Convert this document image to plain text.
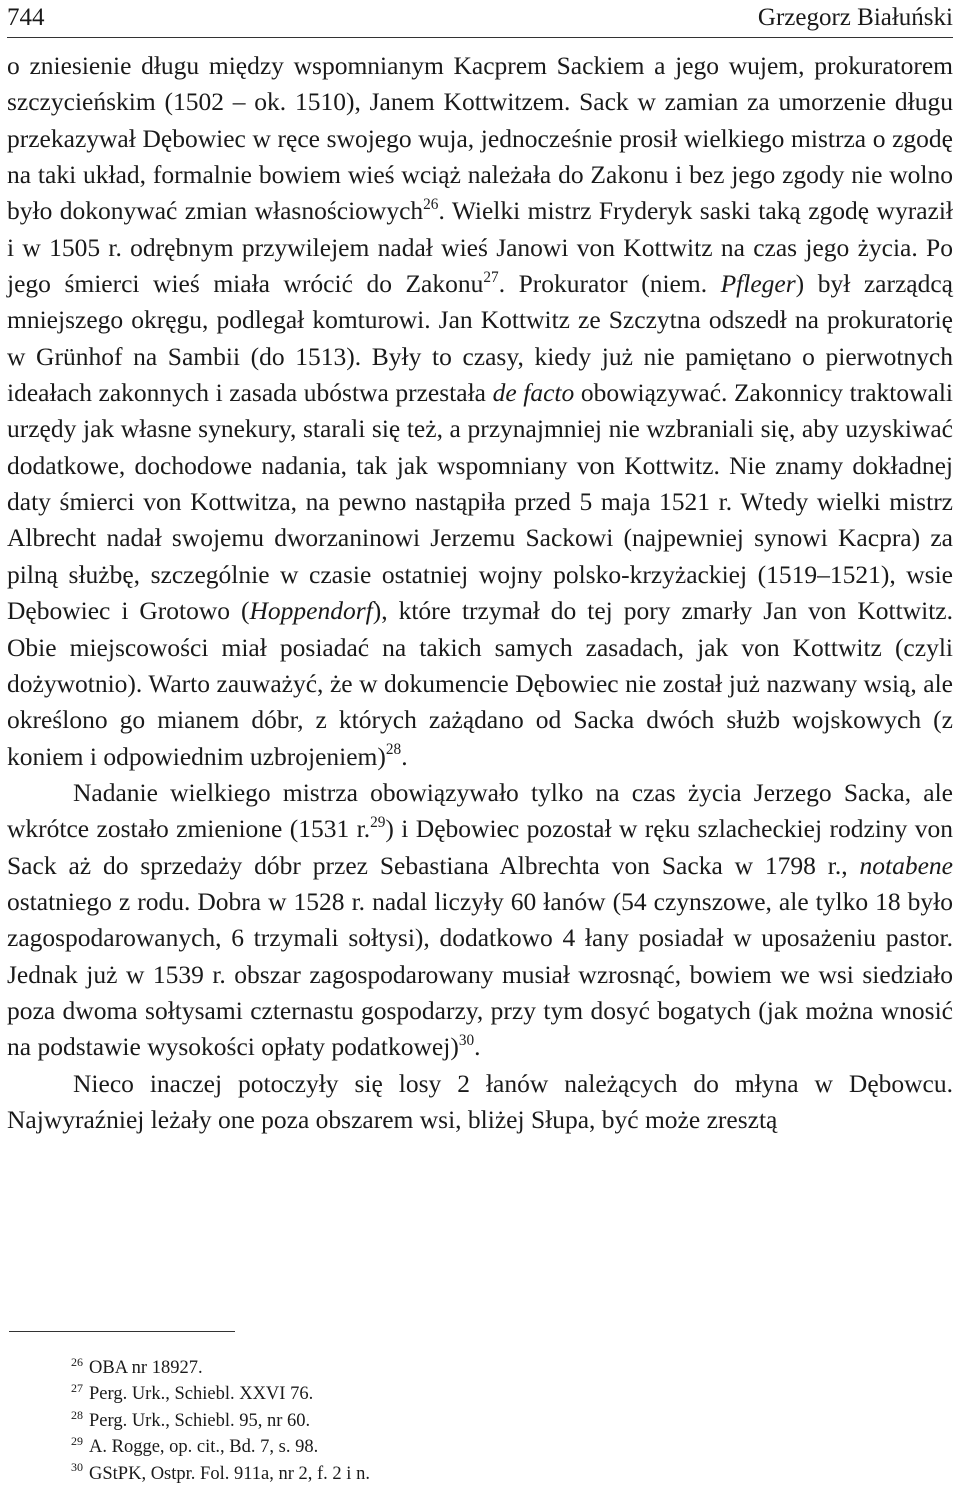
744	Grzegorz Białuński

o zniesienie długu między wspomnianym Kacprem Sackiem a jego wujem, prokuratorem szczycieńskim (1502 – ok. 1510), Janem Kottwitzem. Sack w zamian za umorzenie długu przekazywał Dębowiec w ręce swojego wuja, jednocześnie prosił wielkiego mistrza o zgodę na taki układ, formalnie bowiem wieś wciąż należała do Zakonu i bez jego zgody nie wolno było dokonywać zmian własnościowych$^{26}$. Wielki mistrz Fryderyk saski taką zgodę wyraził i w 1505 r. odrębnym przywilejem nadał wieś Janowi von Kottwitz na czas jego życia. Po jego śmierci wieś miała wrócić do Zakonu$^{27}$. Prokurator (niem. Pfleger) był zarządcą mniejszego okręgu, podlegał komturowi. Jan Kottwitz ze Szczytna odszedł na prokuratorię w Grünhof na Sambii (do 1513). Były to czasy, kiedy już nie pamiętano o pierwotnych ideałach zakonnych i zasada ubóstwa przestała de facto obowiązywać. Zakonnicy traktowali urzędy jak własne synekury, starali się też, a przynajmniej nie wzbraniali się, aby uzyskiwać dodatkowe, dochodowe nadania, tak jak wspomniany von Kottwitz. Nie znamy dokładnej daty śmierci von Kottwitza, na pewno nastąpiła przed 5 maja 1521 r. Wtedy wielki mistrz Albrecht nadał swojemu dworzaninowi Jerzemu Sackowi (najpewniej synowi Kacpra) za pilną służbę, szczególnie w czasie ostatniej wojny polsko-krzyżackiej (1519–1521), wsie Dębowiec i Grotowo (Hoppendorf), które trzymał do tej pory zmarły Jan von Kottwitz. Obie miejscowości miał posiadać na takich samych zasadach, jak von Kottwitz (czyli dożywotnio). Warto zauważyć, że w dokumencie Dębowiec nie został już nazwany wsią, ale określono go mianem dóbr, z których zażądano od Sacka dwóch służb wojskowych (z koniem i odpowiednim uzbrojeniem)$^{28}$.

Nadanie wielkiego mistrza obowiązywało tylko na czas życia Jerzego Sacka, ale wkrótce zostało zmienione (1531 r.$^{29}$) i Dębowiec pozostał w ręku szlacheckiej rodziny von Sack aż do sprzedaży dóbr przez Sebastiana Albrechta von Sacka w 1798 r., notabene ostatniego z rodu. Dobra w 1528 r. nadal liczyły 60 łanów (54 czynszowe, ale tylko 18 było zagospodarowanych, 6 trzymali sołtysi), dodatkowo 4 łany posiadał w uposażeniu pastor. Jednak już w 1539 r. obszar zagospodarowany musiał wzrosnąć, bowiem we wsi siedziało poza dwoma sołtysami czternastu gospodarzy, przy tym dosyć bogatych (jak można wnosić na podstawie wysokości opłaty podatkowej)$^{30}$.

Nieco inaczej potoczyły się losy 2 łanów należących do młyna w Dębowcu. Najwyraźniej leżały one poza obszarem wsi, bliżej Słupa, być może zresztą

$^{26}$ OBA nr 18927.

$^{27}$ Perg. Urk., Schiebl. XXVI 76.

$^{28}$ Perg. Urk., Schiebl. 95, nr 60.

$^{29}$ A. Rogge, op. cit., Bd. 7, s. 98.

$^{30}$ GStPK, Ostpr. Fol. 911a, nr 2, f. 2 i n.
